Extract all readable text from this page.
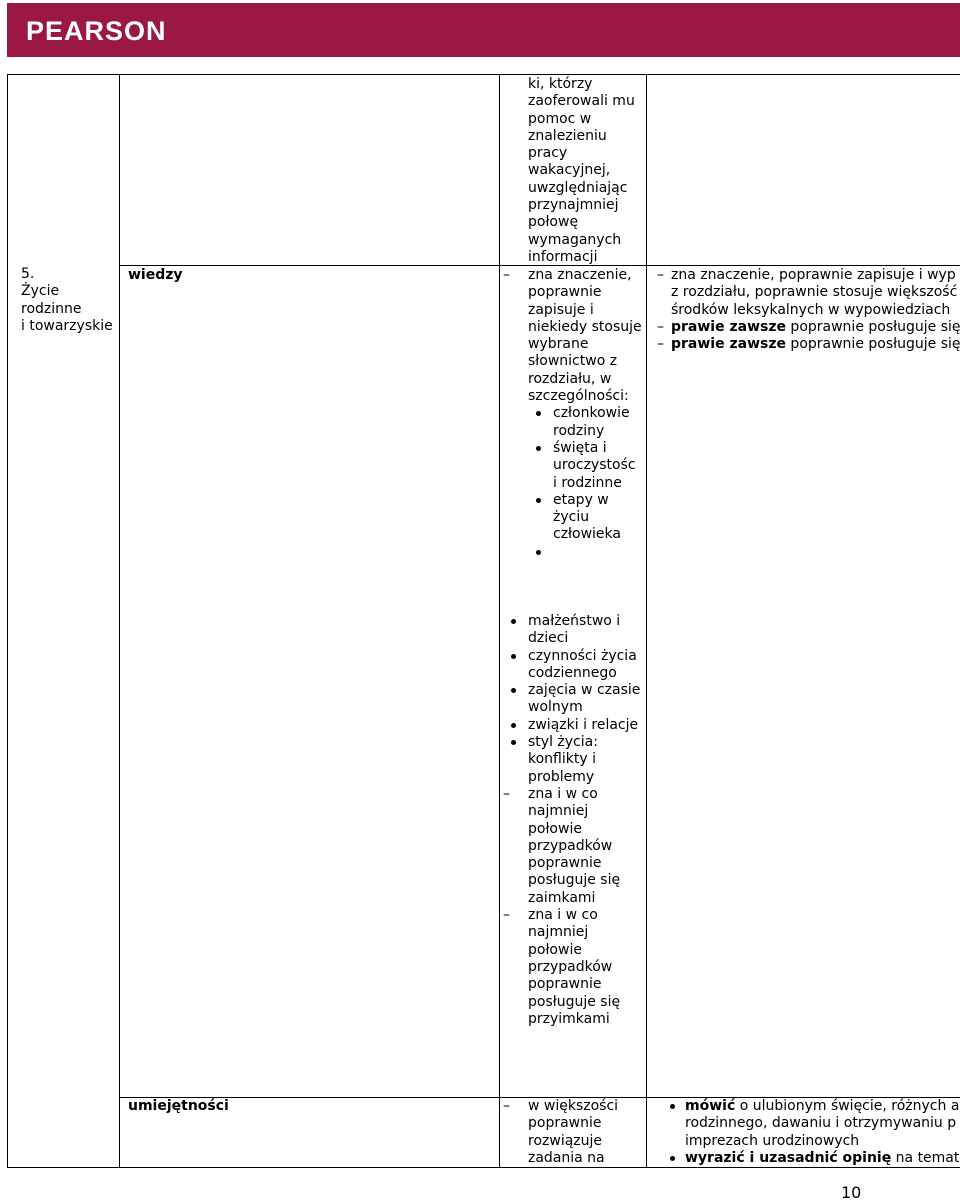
PEARSON
5.
Życie
rodzinne
i towarzyskie
wiedzy
umiejętności
ki, którzy zaoferowali mu pomoc w znalezieniu pracy wakacyjnej, uwzględniając przynajmniej połowę wymaganych informacji
– zna znaczenie, poprawnie zapisuje i niekiedy stosuje wybrane słownictwo z rozdziału, w szczególności:
członkowie rodziny
święta i uroczystośc i rodzinne
etapy w życiu człowieka
małżeństwo i dzieci
czynności życia codziennego
zajęcia w czasie wolnym
związki i relacje
styl życia: konflikty i problemy
– zna i w co najmniej połowie przypadków poprawnie posługuje się zaimkami
– zna i w co najmniej połowie przypadków poprawnie posługuje się przyimkami
– zna znaczenie, poprawnie zapisuje i wyp
z rozdziału, poprawnie stosuje większość
środków leksykalnych w wypowiedziach
– prawie zawsze poprawnie posługuje się
– prawie zawsze poprawnie posługuje się
– w większości poprawnie rozwiązuje zadania na
mówić o ulubionym święcie, różnych a
rodzinnego, dawaniu i otrzymywaniu p
imprezach urodzinowych
wyrazić i uzasadnić opinię na temat
10
